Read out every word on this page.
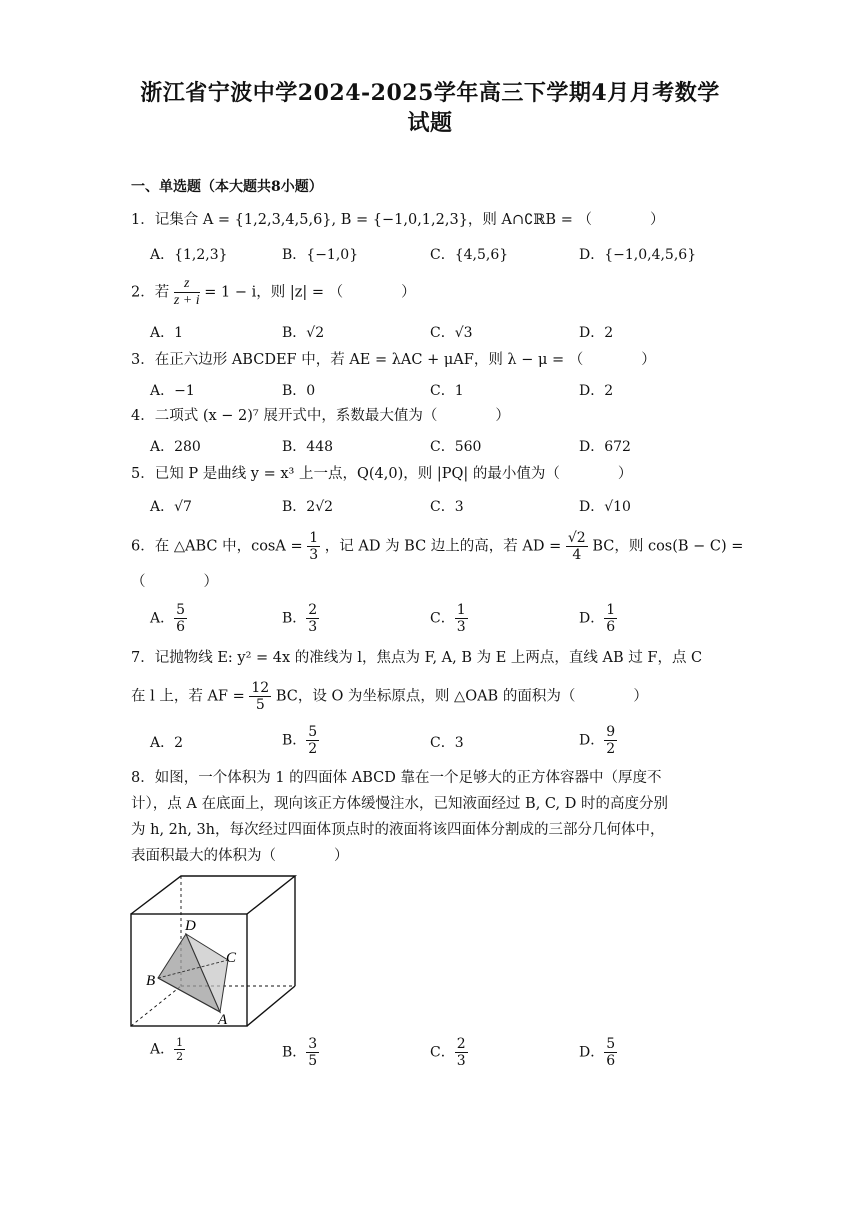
浙江省宁波中学2024-2025学年高三下学期4月月考数学
试题
一、单选题（本大题共8小题）
1．记集合 A = {1,2,3,4,5,6}, B = {−1,0,1,2,3}，则 A∩∁ℝB = （　　　　）
A．{1,2,3}	B．{−1,0}	C．{4,5,6}	D．{−1,0,4,5,6}
2．若 $\frac{z}{z + i} = 1 - i$，则 |z| = （　　　　）
A．1	B．√2	C．√3	D．2
3．在正六边形 ABCDEF 中，若 AE = λAC + μAF，则 λ − μ = （　　　　）
A．−1	B．0	C．1	D．2
4．二项式 (x − 2)⁷ 展开式中，系数最大值为（　　　　）
A．280	B．448	C．560	D．672
5．已知 P 是曲线 y = x³ 上一点，Q(4,0)，则 |PQ| 的最小值为（　　　　）
A．√7	B．2√2	C．3	D．√10
6．在 △ABC 中，$\cos A = \frac{1}{3}$ ，记 AD 为 BC 边上的高，若 AD = $\frac{√2}{4}$ BC，则 cos(B − C) =
（　　　　）
A． $\frac{5}{6}$	B． $\frac{2}{3}$	C． $\frac{1}{3}$	D． $\frac{1}{6}$
7．记抛物线 E: y² = 4x 的准线为 l，焦点为 F, A, B 为 E 上两点，直线 AB 过 F，点 C
在 l 上，若 AF = $\frac{12}{5}$ BC，设 O 为坐标原点，则 △OAB 的面积为（　　　　）
A．2	B． $\frac{5}{2}$	C．3	D． $\frac{9}{2}$
8．如图，一个体积为 1 的四面体 ABCD 靠在一个足够大的正方体容器中（厚度不
计），点 A 在底面上，现向该正方体缓慢注水，已知液面经过 B, C, D 时的高度分别
为 h, 2h, 3h，每次经过四面体顶点时的液面将该四面体分割成的三部分几何体中，
表面积最大的体积为（　　　　）
D
C
B
A
A． $\frac{1}{2}$	B． $\frac{3}{5}$	C． $\frac{2}{3}$	D． $\frac{5}{6}$
